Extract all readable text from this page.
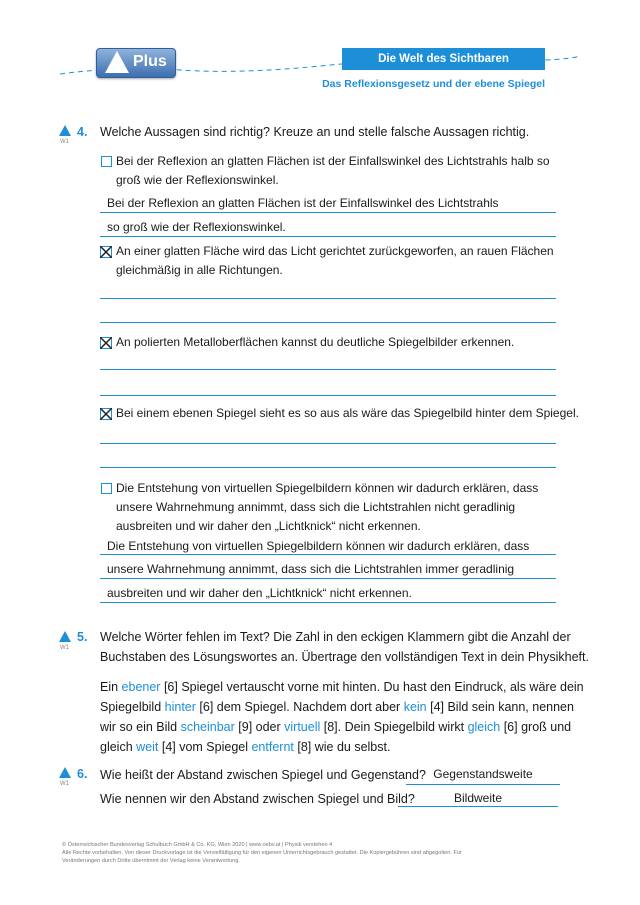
Plus	Die Welt des Sichtbaren
Das Reflexionsgesetz und der ebene Spiegel
W1
4. Welche Aussagen sind richtig? Kreuze an und stelle falsche Aussagen richtig.
Bei der Reflexion an glatten Flächen ist der Einfallswinkel des Lichtstrahls halb so
groß wie der Reflexionswinkel.
Bei der Reflexion an glatten Flächen ist der Einfallswinkel des Lichtstrahls
so groß wie der Reflexionswinkel.
An einer glatten Fläche wird das Licht gerichtet zurückgeworfen, an rauen Flächen
gleichmäßig in alle Richtungen.
An polierten Metalloberflächen kannst du deutliche Spiegelbilder erkennen.
Bei einem ebenen Spiegel sieht es so aus als wäre das Spiegelbild hinter dem Spiegel.
Die Entstehung von virtuellen Spiegelbildern können wir dadurch erklären, dass
unsere Wahrnehmung annimmt, dass sich die Lichtstrahlen nicht geradlinig
ausbreiten und wir daher den „Lichtknick“ nicht erkennen.
Die Entstehung von virtuellen Spiegelbildern können wir dadurch erklären, dass
unsere Wahrnehmung annimmt, dass sich die Lichtstrahlen immer geradlinig
ausbreiten und wir daher den „Lichtknick“ nicht erkennen.
W1
5. Welche Wörter fehlen im Text? Die Zahl in den eckigen Klammern gibt die Anzahl der
Buchstaben des Lösungswortes an. Übertrage den vollständigen Text in dein Physikheft.
Ein ebener [6] Spiegel vertauscht vorne mit hinten. Du hast den Eindruck, als wäre dein
Spiegelbild hinter [6] dem Spiegel. Nachdem dort aber kein [4] Bild sein kann, nennen
wir so ein Bild scheinbar [9] oder virtuell [8]. Dein Spiegelbild wirkt gleich [6] groß und
gleich weit [4] vom Spiegel entfernt [8] wie du selbst.
W1
6. Wie heißt der Abstand zwischen Spiegel und Gegenstand? Gegenstandsweite
Wie nennen wir den Abstand zwischen Spiegel und Bild?	Bildweite
© Österreichischer Bundesverlag Schulbuch GmbH & Co. KG, Wien 2020 | www.oebv.at | Physik verstehen 4
Alle Rechte vorbehalten. Von dieser Druckvorlage ist die Vervielfältigung für den eigenen Unterrichtsgebrauch gestattet. Die Kopiergebühren sind abgegolten. Für
Veränderungen durch Dritte übernimmt der Verlag keine Verantwortung.
